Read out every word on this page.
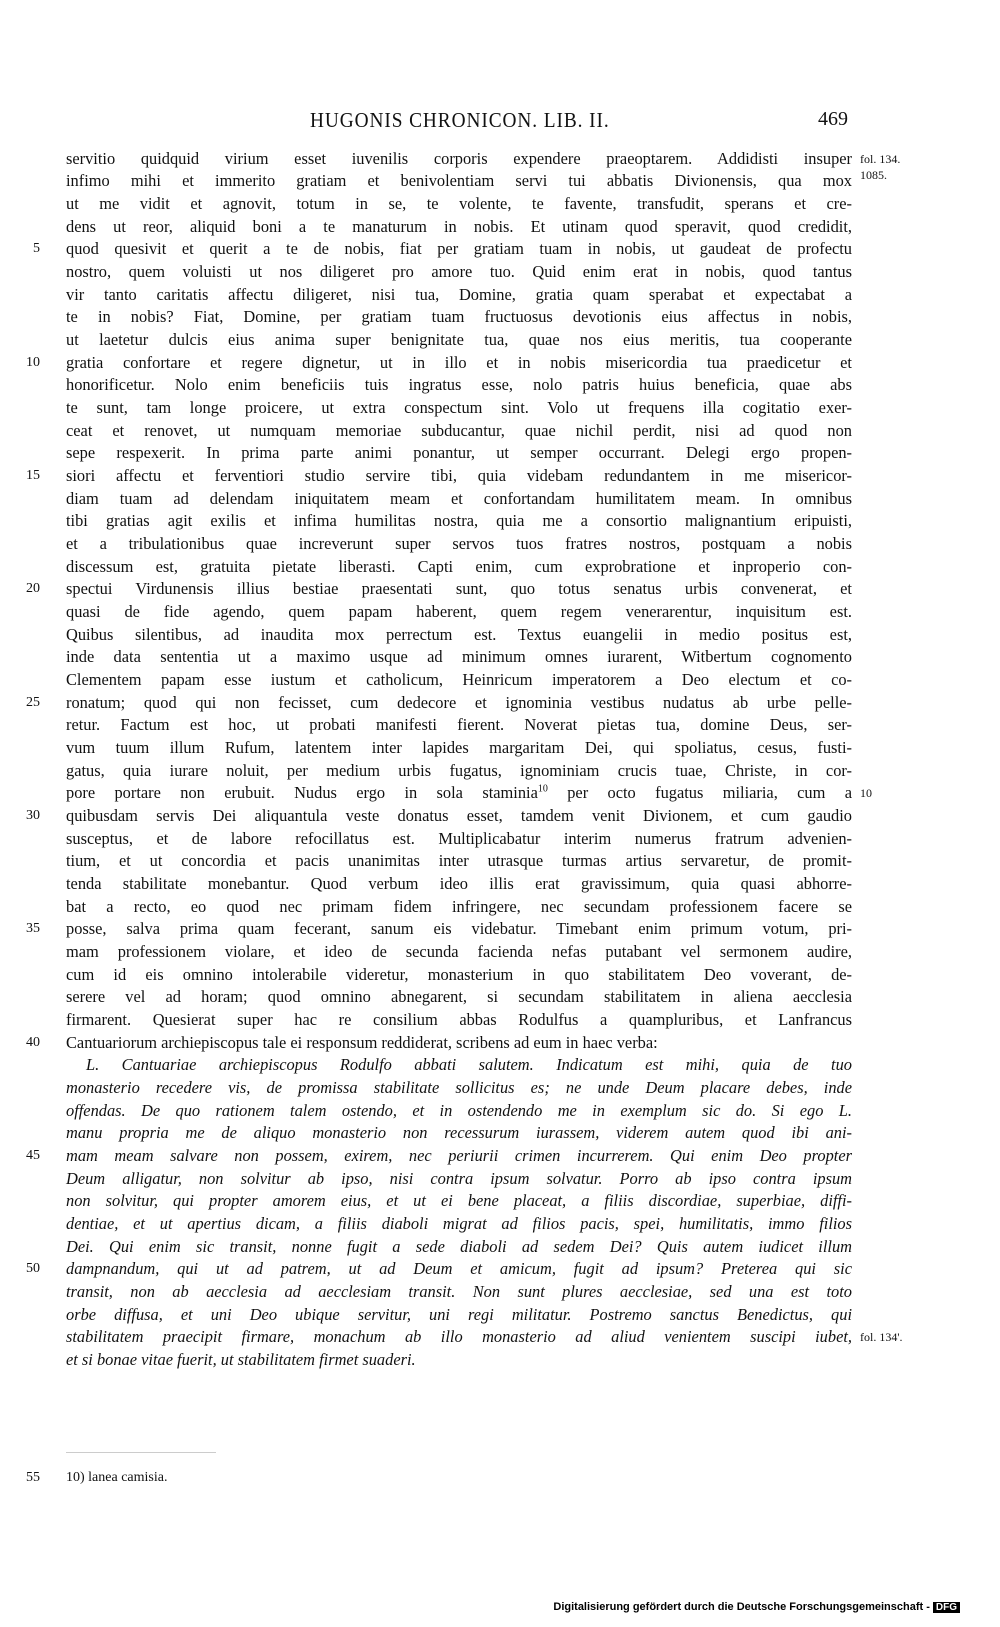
HUGONIS CHRONICON. LIB. II.	469
servitio quidquid virium esset iuvenilis corporis expendere praeoptarem. Addidisti insuper
infimo mihi et immerito gratiam et benivolentiam servi tui abbatis Divionensis, qua mox
ut me vidit et agnovit, totum in se, te volente, te favente, transfudit, sperans et cre-
dens ut reor, aliquid boni a te manaturum in nobis. Et utinam quod speravit, quod credidit,
quod quesivit et querit a te de nobis, fiat per gratiam tuam in nobis, ut gaudeat de profectu
nostro, quem voluisti ut nos diligeret pro amore tuo. Quid enim erat in nobis, quod tantus
vir tanto caritatis affectu diligeret, nisi tua, Domine, gratia quam sperabat et expectabat a
te in nobis? Fiat, Domine, per gratiam tuam fructuosus devotionis eius affectus in nobis,
ut laetetur dulcis eius anima super benignitate tua, quae nos eius meritis, tua cooperante
gratia confortare et regere dignetur, ut in illo et in nobis misericordia tua praedicetur et
honorificetur. Nolo enim beneficiis tuis ingratus esse, nolo patris huius beneficia, quae abs
te sunt, tam longe proicere, ut extra conspectum sint. Volo ut frequens illa cogitatio exer-
ceat et renovet, ut numquam memoriae subducantur, quae nichil perdit, nisi ad quod non
sepe respexerit. In prima parte animi ponantur, ut semper occurrant. Delegi ergo propen-
siori affectu et ferventiori studio servire tibi, quia videbam redundantem in me misericor-
diam tuam ad delendam iniquitatem meam et confortandam humilitatem meam. In omnibus
tibi gratias agit exilis et infima humilitas nostra, quia me a consortio malignantium eripuisti,
et a tribulationibus quae increverunt super servos tuos fratres nostros, postquam a nobis
discessum est, gratuita pietate liberasti. Capti enim, cum exprobratione et inproperio con-
spectui Virdunensis illius bestiae praesentati sunt, quo totus senatus urbis convenerat, et
quasi de fide agendo, quem papam haberent, quem regem venerarentur, inquisitum est.
Quibus silentibus, ad inaudita mox perrectum est. Textus euangelii in medio positus est,
inde data sententia ut a maximo usque ad minimum omnes iurarent, Witbertum cognomento
Clementem papam esse iustum et catholicum, Heinricum imperatorem a Deo electum et co-
ronatum; quod qui non fecisset, cum dedecore et ignominia vestibus nudatus ab urbe pelle-
retur. Factum est hoc, ut probati manifesti fierent. Noverat pietas tua, domine Deus, ser-
vum tuum illum Rufum, latentem inter lapides margaritam Dei, qui spoliatus, cesus, fusti-
gatus, quia iurare noluit, per medium urbis fugatus, ignominiam crucis tuae, Christe, in cor-
pore portare non erubuit. Nudus ergo in sola staminia$^{10}$ per octo fugatus miliaria, cum a
quibusdam servis Dei aliquantula veste donatus esset, tamdem venit Divionem, et cum gaudio
susceptus, et de labore refocillatus est. Multiplicabatur interim numerus fratrum advenien-
tium, et ut concordia et pacis unanimitas inter utrasque turmas artius servaretur, de promit-
tenda stabilitate monebantur. Quod verbum ideo illis erat gravissimum, quia quasi abhorre-
bat a recto, eo quod nec primam fidem infringere, nec secundam professionem facere se
posse, salva prima quam fecerant, sanum eis videbatur. Timebant enim primum votum, pri-
mam professionem violare, et ideo de secunda facienda nefas putabant vel sermonem audire,
cum id eis omnino intolerabile videretur, monasterium in quo stabilitatem Deo voverant, de-
serere vel ad horam; quod omnino abnegarent, si secundam stabilitatem in aliena aecclesia
firmarent. Quesierat super hac re consilium abbas Rodulfus a quampluribus, et Lanfrancus
Cantuariorum archiepiscopus tale ei responsum reddiderat, scribens ad eum in haec verba:
L. Cantuariae archiepiscopus Rodulfo abbati salutem. Indicatum est mihi, quia de tuo
monasterio recedere vis, de promissa stabilitate sollicitus es; ne unde Deum placare debes, inde
offendas. De quo rationem talem ostendo, et in ostendendo me in exemplum sic do. Si ego L.
manu propria me de aliquo monasterio non recessurum iurassem, viderem autem quod ibi ani-
mam meam salvare non possem, exirem, nec periurii crimen incurrerem. Qui enim Deo propter
Deum alligatur, non solvitur ab ipso, nisi contra ipsum solvatur. Porro ab ipso contra ipsum
non solvitur, qui propter amorem eius, et ut ei bene placeat, a filiis discordiae, superbiae, diffi-
dentiae, et ut apertius dicam, a filiis diaboli migrat ad filios pacis, spei, humilitatis, immo filios
Dei. Qui enim sic transit, nonne fugit a sede diaboli ad sedem Dei? Quis autem iudicet illum
dampnandum, qui ut ad patrem, ut ad Deum et amicum, fugit ad ipsum? Preterea qui sic
transit, non ab aecclesia ad aecclesiam transit. Non sunt plures aecclesiae, sed una est toto
orbe diffusa, et uni Deo ubique servitur, uni regi militatur. Postremo sanctus Benedictus, qui
stabilitatem praecipit firmare, monachum ab illo monasterio ad aliud venientem suscipi iubet,
et si bonae vitae fuerit, ut stabilitatem firmet suaderi.
5
10
15
20
25
30
35
40
45
50
fol. 134.
1085.
10
fol. 134'.
55 10) lanea camisia.
Digitalisierung gefördert durch die Deutsche Forschungsgemeinschaft - DFG
